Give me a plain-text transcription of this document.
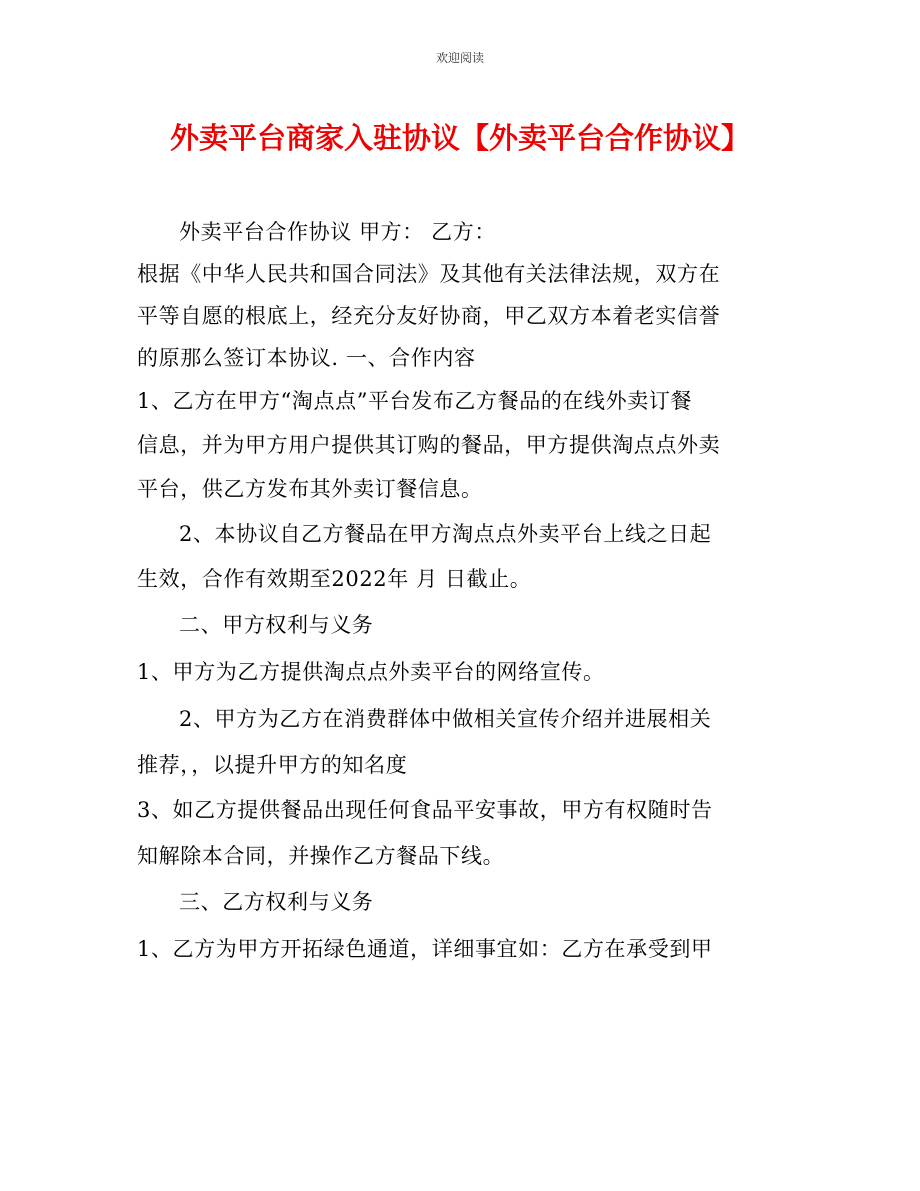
欢迎阅读
外卖平台商家入驻协议【外卖平台合作协议】
外卖平台合作协议 甲方： 乙方：
根据《中华人民共和国合同法》及其他有关法律法规，双方在
平等自愿的根底上，经充分友好协商，甲乙双方本着老实信誉
的原那么签订本协议. 一、合作内容
1、乙方在甲方“淘点点”平台发布乙方餐品的在线外卖订餐
信息，并为甲方用户提供其订购的餐品，甲方提供淘点点外卖
平台，供乙方发布其外卖订餐信息。
2、本协议自乙方餐品在甲方淘点点外卖平台上线之日起
生效，合作有效期至2022年 月 日截止。
二、甲方权利与义务
1、甲方为乙方提供淘点点外卖平台的网络宣传。
2、甲方为乙方在消费群体中做相关宣传介绍并进展相关
推荐，，以提升甲方的知名度
3、如乙方提供餐品出现任何食品平安事故，甲方有权随时告
知解除本合同，并操作乙方餐品下线。
三、乙方权利与义务
1、乙方为甲方开拓绿色通道，详细事宜如：乙方在承受到甲
